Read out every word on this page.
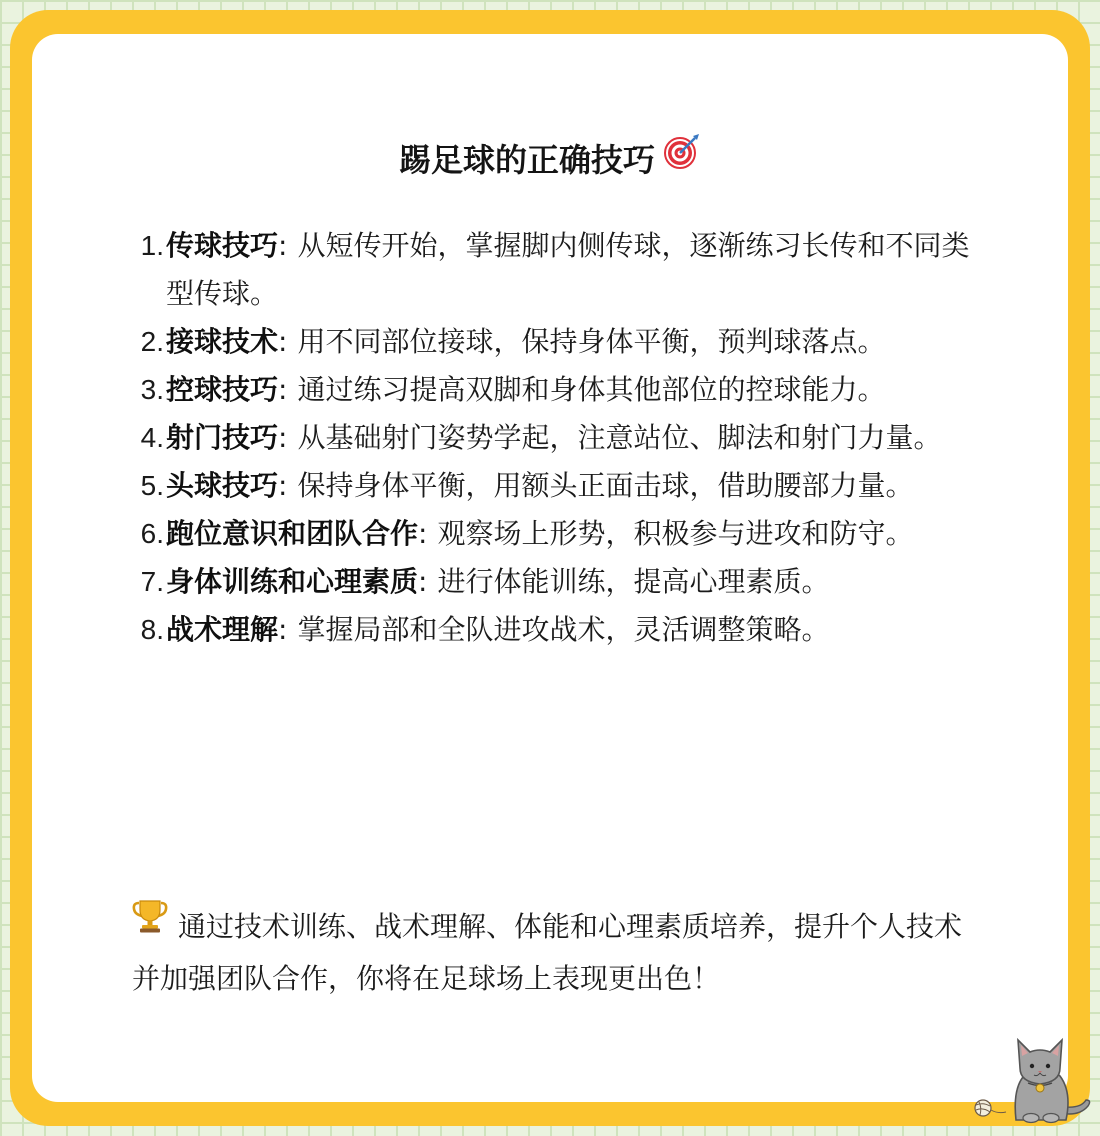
踢足球的正确技巧
1. 传球技巧: 从短传开始，掌握脚内侧传球，逐渐练习长传和不同类型传球。
2. 接球技术: 用不同部位接球，保持身体平衡，预判球落点。
3. 控球技巧: 通过练习提高双脚和身体其他部位的控球能力。
4. 射门技巧: 从基础射门姿势学起，注意站位、脚法和射门力量。
5. 头球技巧: 保持身体平衡，用额头正面击球，借助腰部力量。
6. 跑位意识和团队合作: 观察场上形势，积极参与进攻和防守。
7. 身体训练和心理素质: 进行体能训练，提高心理素质。
8. 战术理解: 掌握局部和全队进攻战术，灵活调整策略。
通过技术训练、战术理解、体能和心理素质培养，提升个人技术并加强团队合作，你将在足球场上表现更出色！
